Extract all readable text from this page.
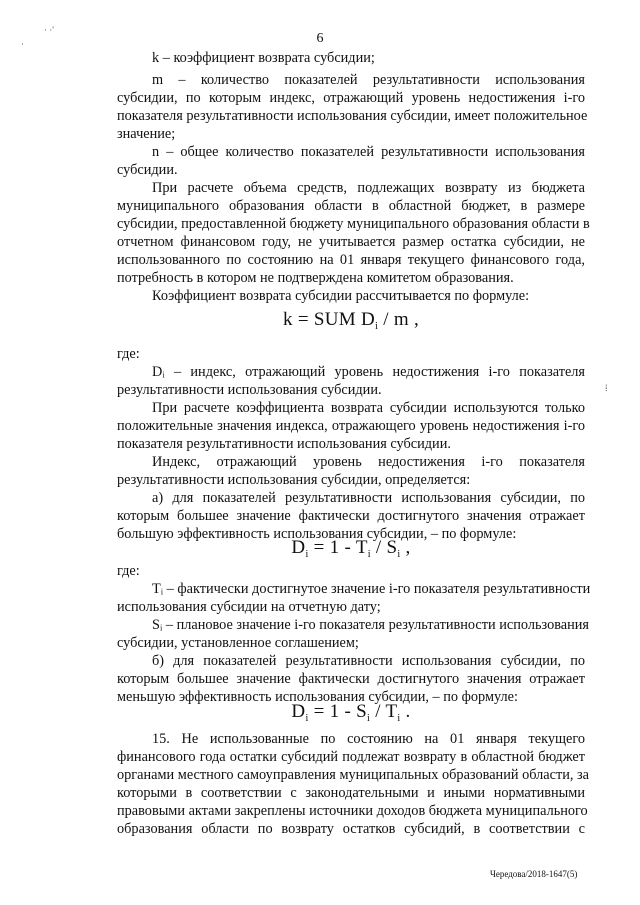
· ·'
·
⁞
6

k – коэффициент возврата субсидии;

m – количество показателей результативности использования

субсидии, по которым индекс, отражающий уровень недостижения i-го

показателя результативности использования субсидии, имеет положительное

значение;

n – общее количество показателей результативности использования

субсидии.

При расчете объема средств, подлежащих возврату из бюджета

муниципального образования области в областной бюджет, в размере

субсидии, предоставленной бюджету муниципального образования области в

отчетном финансовом году, не учитывается размер остатка субсидии, не

использованного по состоянию на 01 января текущего финансового года,

потребность в котором не подтверждена комитетом образования.

Коэффициент возврата субсидии рассчитывается по формуле:

где:

Dᵢ – индекс, отражающий уровень недостижения i-го показателя

результативности использования субсидии.

При расчете коэффициента возврата субсидии используются только

положительные значения индекса, отражающего уровень недостижения i-го

показателя результативности использования субсидии.

Индекс, отражающий уровень недостижения i-го показателя

результативности использования субсидии, определяется:

а) для показателей результативности использования субсидии, по

которым большее значение фактически достигнутого значения отражает

большую эффективность использования субсидии, – по формуле:

где:

Tᵢ – фактически достигнутое значение i-го показателя результативности

использования субсидии на отчетную дату;

Sᵢ – плановое значение i-го показателя результативности использования

субсидии, установленное соглашением;

б) для показателей результативности использования субсидии, по

которым большее значение фактически достигнутого значения отражает

меньшую эффективность использования субсидии, – по формуле:

15. Не использованные по состоянию на 01 января текущего

финансового года остатки субсидий подлежат возврату в областной бюджет

органами местного самоуправления муниципальных образований области, за

которыми в соответствии с законодательными и иными нормативными

правовыми актами закреплены источники доходов бюджета муниципального

образования области по возврату остатков субсидий, в соответствии с

k = SUM $D_i$ / m ,

$D_i = 1 - T_i / S_i$ ,

$D_i = 1 - S_i / T_i$ .

Чередова/2018-1647(5)
